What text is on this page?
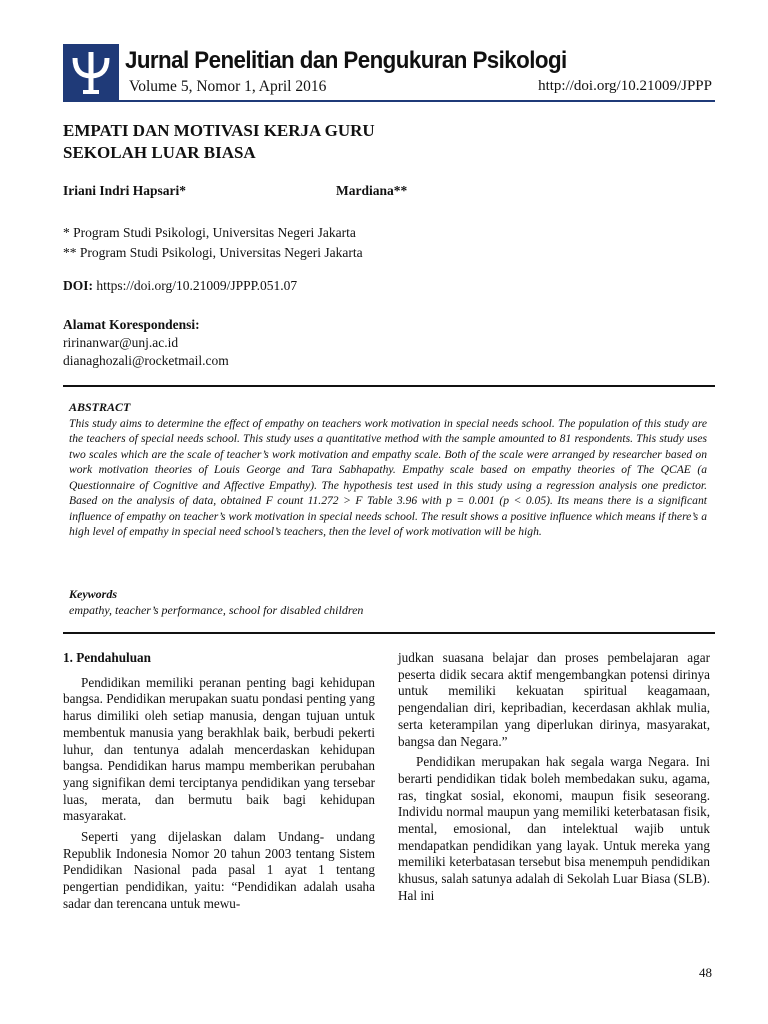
Jurnal Penelitian dan Pengukuran Psikologi
Volume 5, Nomor 1, April 2016	http://doi.org/10.21009/JPPP
EMPATI DAN MOTIVASI KERJA GURU
SEKOLAH LUAR BIASA
Iriani Indri Hapsari*	Mardiana**
* Program Studi Psikologi, Universitas Negeri Jakarta
** Program Studi Psikologi, Universitas Negeri Jakarta
DOI: https://doi.org/10.21009/JPPP.051.07
Alamat Korespondensi:
ririnanwar@unj.ac.id
dianaghozali@rocketmail.com
ABSTRACT
This study aims to determine the effect of empathy on teachers work motivation in special needs school. The population of this study are the teachers of special needs school. This study uses a quantitative method with the sample amounted to 81 respondents. This study uses two scales which are the scale of teacher’s work motivation and empathy scale. Both of the scale were arranged by researcher based on work motivation theories of Louis George and Tara Sabhapathy. Empathy scale based on empathy theories of The QCAE (a Questionnaire of Cognitive and Affective Empathy). The hypothesis test used in this study using a regression analysis one predictor. Based on the analysis of data, obtained F count 11.272 > F Table 3.96 with p = 0.001 (p < 0.05). Its means there is a significant influence of empathy on teacher’s work motivation in special needs school. The result shows a positive influence which means if there’s a high level of empathy in special need school’s teachers, then the level of work motivation will be high.
Keywords
empathy, teacher’s performance, school for disabled children
1. Pendahuluan

Pendidikan memiliki peranan penting bagi kehidupan bangsa. Pendidikan merupakan suatu pondasi penting yang harus dimiliki oleh setiap manusia, dengan tujuan untuk membentuk manusia yang berakhlak baik, berbudi pekerti luhur, dan tentunya adalah mencerdaskan kehidupan bangsa. Pendidikan harus mampu memberikan perubahan yang signifikan demi terciptanya pendidikan yang tersebar luas, merata, dan bermutu baik bagi kehidupan masyarakat.

Seperti yang dijelaskan dalam Undang- undang Republik Indonesia Nomor 20 tahun 2003 tentang Sistem Pendidikan Nasional pada pasal 1 ayat 1 tentang pengertian pendidikan, yaitu: “Pendidikan adalah usaha sadar dan terencana untuk mewu-

judkan suasana belajar dan proses pembelajaran agar peserta didik secara aktif mengembangkan potensi dirinya untuk memiliki kekuatan spiritual keagamaan, pengendalian diri, kepribadian, kecerdasan akhlak mulia, serta keterampilan yang diperlukan dirinya, masyarakat, bangsa dan Negara.”

Pendidikan merupakan hak segala warga Negara. Ini berarti pendidikan tidak boleh membedakan suku, agama, ras, tingkat sosial, ekonomi, maupun fisik seseorang. Individu normal maupun yang memiliki keterbatasan fisik, mental, emosional, dan intelektual wajib untuk mendapatkan pendidikan yang layak. Untuk mereka yang memiliki keterbatasan tersebut bisa menempuh pendidikan khusus, salah satunya adalah di Sekolah Luar Biasa (SLB). Hal ini

48
